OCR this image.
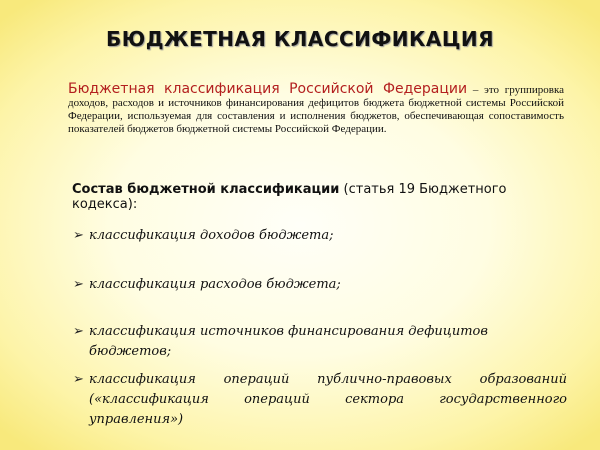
БЮДЖЕТНАЯ КЛАССИФИКАЦИЯ
Бюджетная классификация Российской Федерации – это группировка доходов, расходов и источников финансирования дефицитов бюджета бюджетной системы Российской Федерации, используемая для составления и исполнения бюджетов, обеспечивающая сопоставимость показателей бюджетов бюджетной системы Российской Федерации.
Состав бюджетной классификации (статья 19 Бюджетного кодекса):
➢ классификация доходов бюджета;
➢ классификация расходов бюджета;
➢ классификация источников финансирования дефицитов бюджетов;
➢ классификация операций публично-правовых образований
(«классификация операций сектора государственного управления»)
